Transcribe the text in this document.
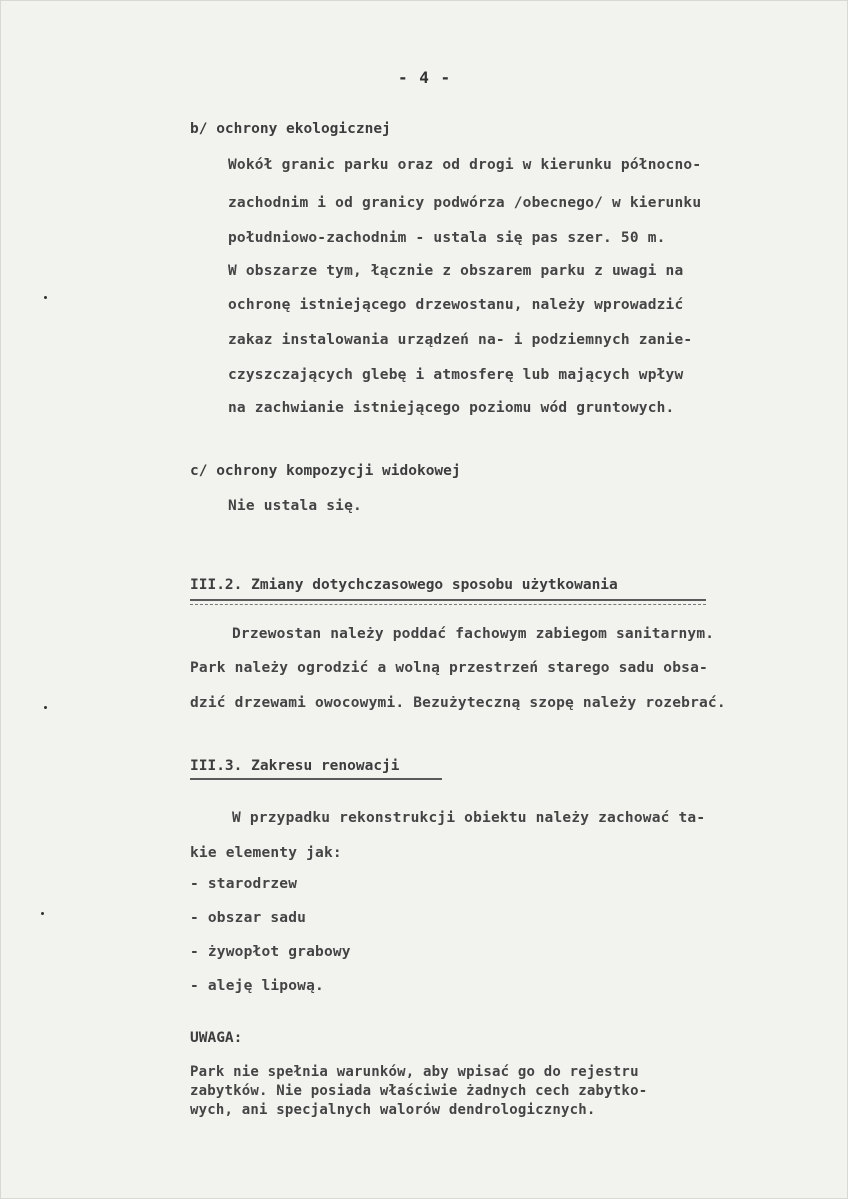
- 4 -
b/ ochrony ekologicznej
Wokół granic parku oraz od drogi w kierunku północno-
zachodnim i od granicy podwórza /obecnego/ w kierunku
południowo-zachodnim - ustala się pas szer. 50 m.
W obszarze tym, łącznie z obszarem parku z uwagi na
ochronę istniejącego drzewostanu, należy wprowadzić
zakaz instalowania urządzeń na- i podziemnych zanie-
czyszczających glebę i atmosferę lub mających wpływ
na zachwianie istniejącego poziomu wód gruntowych.
c/ ochrony kompozycji widokowej
Nie ustala się.
III.2. Zmiany dotychczasowego sposobu użytkowania
Drzewostan należy poddać fachowym zabiegom sanitarnym.
Park należy ogrodzić a wolną przestrzeń starego sadu obsa-
dzić drzewami owocowymi. Bezużyteczną szopę należy rozebrać.
III.3. Zakresu renowacji
W przypadku rekonstrukcji obiektu należy zachować ta-
kie elementy jak:
- starodrzew
- obszar sadu
- żywopłot grabowy
- aleję lipową.
UWAGA:
Park nie spełnia warunków, aby wpisać go do rejestru
zabytków. Nie posiada właściwie żadnych cech zabytko-
wych, ani specjalnych walorów dendrologicznych.
